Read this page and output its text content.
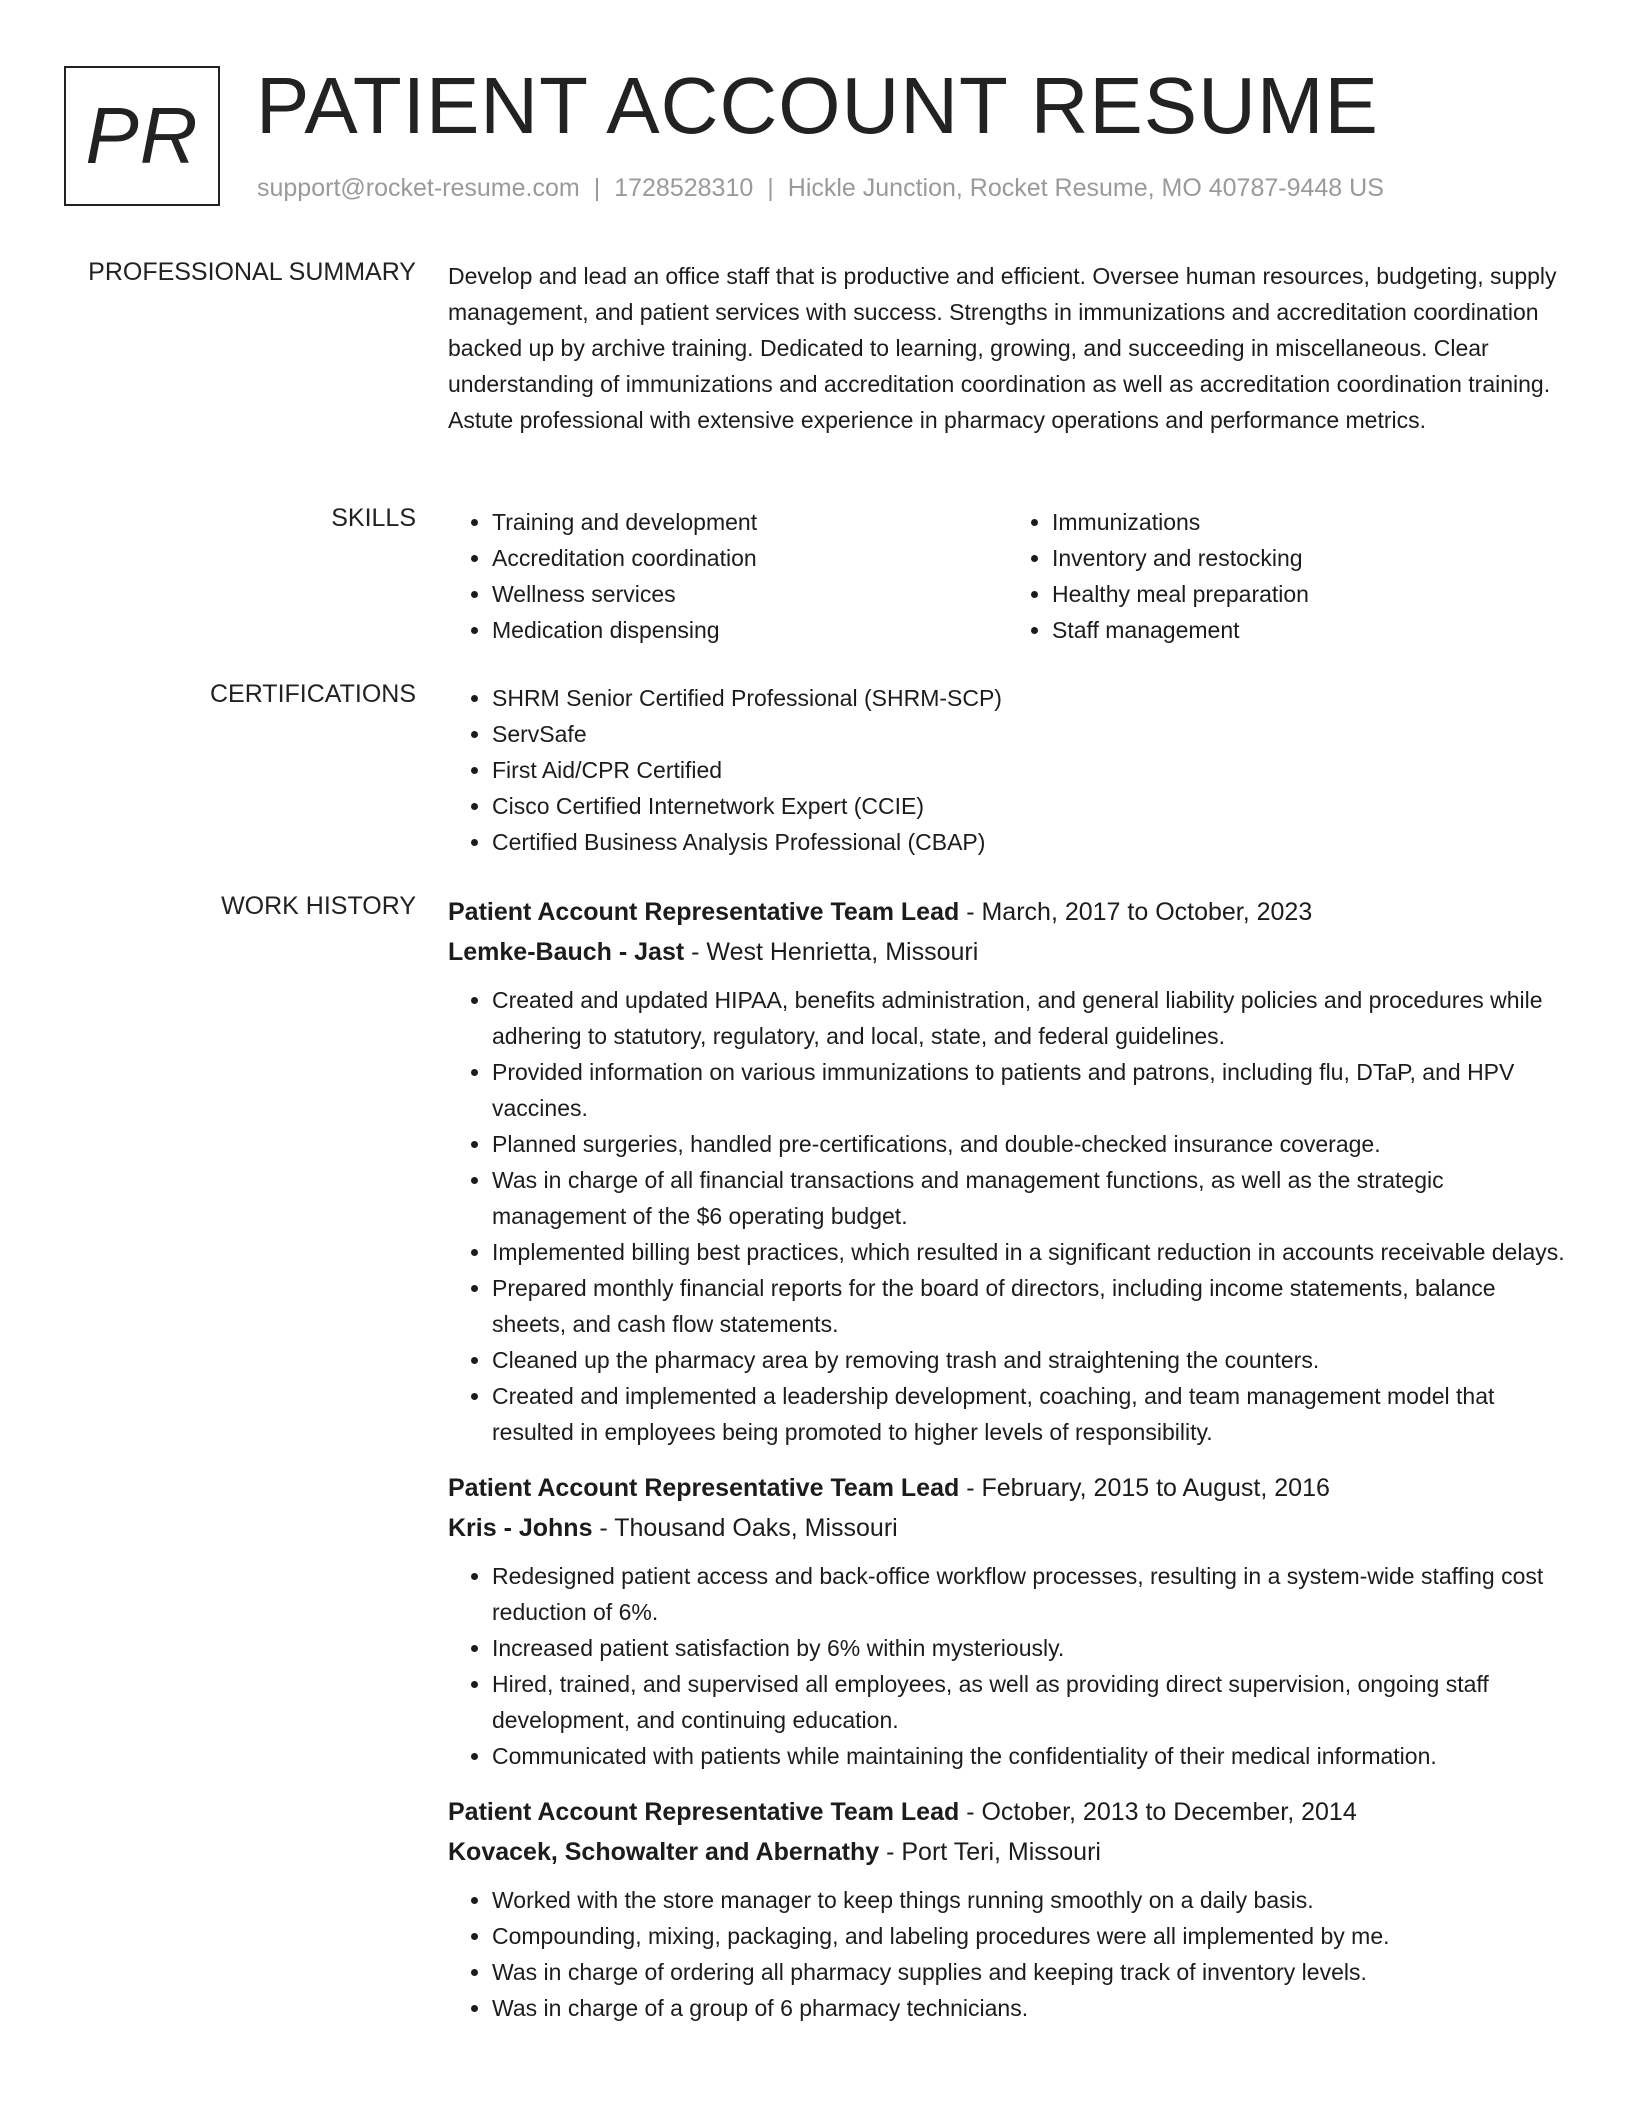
PR PATIENT ACCOUNT RESUME
support@rocket-resume.com | 1728528310 | Hickle Junction, Rocket Resume, MO 40787-9448 US
PROFESSIONAL SUMMARY Develop and lead an office staff that is productive and efficient. Oversee human resources, budgeting, supply management, and patient services with success. Strengths in immunizations and accreditation coordination backed up by archive training. Dedicated to learning, growing, and succeeding in miscellaneous. Clear understanding of immunizations and accreditation coordination as well as accreditation coordination training. Astute professional with extensive experience in pharmacy operations and performance metrics.
SKILLS	• Training and development
• Accreditation coordination
• Wellness services
• Medication dispensing
• Immunizations
• Inventory and restocking
• Healthy meal preparation
• Staff management
CERTIFICATIONS	• SHRM Senior Certified Professional (SHRM-SCP)
• ServSafe
• First Aid/CPR Certified
• Cisco Certified Internetwork Expert (CCIE)
• Certified Business Analysis Professional (CBAP)
WORK HISTORY Patient Account Representative Team Lead - March, 2017 to October, 2023
Lemke-Bauch - Jast - West Henrietta, Missouri
• Created and updated HIPAA, benefits administration, and general liability policies and procedures while adhering to statutory, regulatory, and local, state, and federal guidelines.
• Provided information on various immunizations to patients and patrons, including flu, DTaP, and HPV vaccines.
• Planned surgeries, handled pre-certifications, and double-checked insurance coverage.
• Was in charge of all financial transactions and management functions, as well as the strategic management of the $6 operating budget.
• Implemented billing best practices, which resulted in a significant reduction in accounts receivable delays.
• Prepared monthly financial reports for the board of directors, including income statements, balance sheets, and cash flow statements.
• Cleaned up the pharmacy area by removing trash and straightening the counters.
• Created and implemented a leadership development, coaching, and team management model that resulted in employees being promoted to higher levels of responsibility.
Patient Account Representative Team Lead - February, 2015 to August, 2016
Kris - Johns - Thousand Oaks, Missouri
• Redesigned patient access and back-office workflow processes, resulting in a system-wide staffing cost reduction of 6%.
• Increased patient satisfaction by 6% within mysteriously.
• Hired, trained, and supervised all employees, as well as providing direct supervision, ongoing staff development, and continuing education.
• Communicated with patients while maintaining the confidentiality of their medical information.
Patient Account Representative Team Lead - October, 2013 to December, 2014
Kovacek, Schowalter and Abernathy - Port Teri, Missouri
• Worked with the store manager to keep things running smoothly on a daily basis.
• Compounding, mixing, packaging, and labeling procedures were all implemented by me.
• Was in charge of ordering all pharmacy supplies and keeping track of inventory levels.
• Was in charge of a group of 6 pharmacy technicians.
